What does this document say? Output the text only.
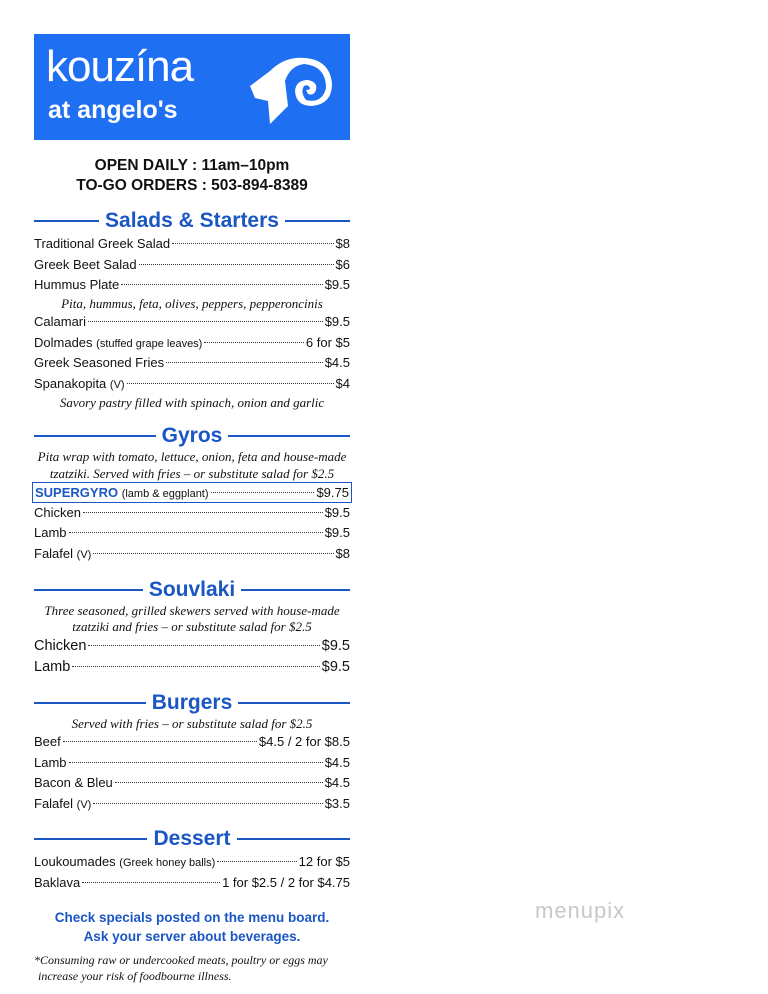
kouzína
at angelo's
OPEN DAILY : 11am–10pm
TO-GO ORDERS : 503-894-8389
Salads & Starters
Traditional Greek Salad	$8
Greek Beet Salad	$6
Hummus Plate	$9.5
Pita, hummus, feta, olives, peppers, pepperoncinis
Calamari	$9.5
Dolmades (stuffed grape leaves)	6 for $5
Greek Seasoned Fries	$4.5
Spanakopita (V)	$4
Savory pastry filled with spinach, onion and garlic
Gyros
Pita wrap with tomato, lettuce, onion, feta and house-made
tzatziki. Served with fries – or substitute salad for $2.5
SUPERGYRO (lamb & eggplant)	$9.75
Chicken	$9.5
Lamb	$9.5
Falafel (V)	$8
Souvlaki
Three seasoned, grilled skewers served with house-made
tzatziki and fries – or substitute salad for $2.5
Chicken	$9.5
Lamb	$9.5
Burgers
Served with fries – or substitute salad for $2.5
Beef	$4.5 / 2 for $8.5
Lamb	$4.5
Bacon & Bleu	$4.5
Falafel (V)	$3.5
Dessert
Loukoumades (Greek honey balls)	12 for $5
Baklava	1 for $2.5 / 2 for $4.75
Check specials posted on the menu board.
Ask your server about beverages.
*Consuming raw or undercooked meats, poultry or eggs may
increase your risk of foodbourne illness.
menupix
